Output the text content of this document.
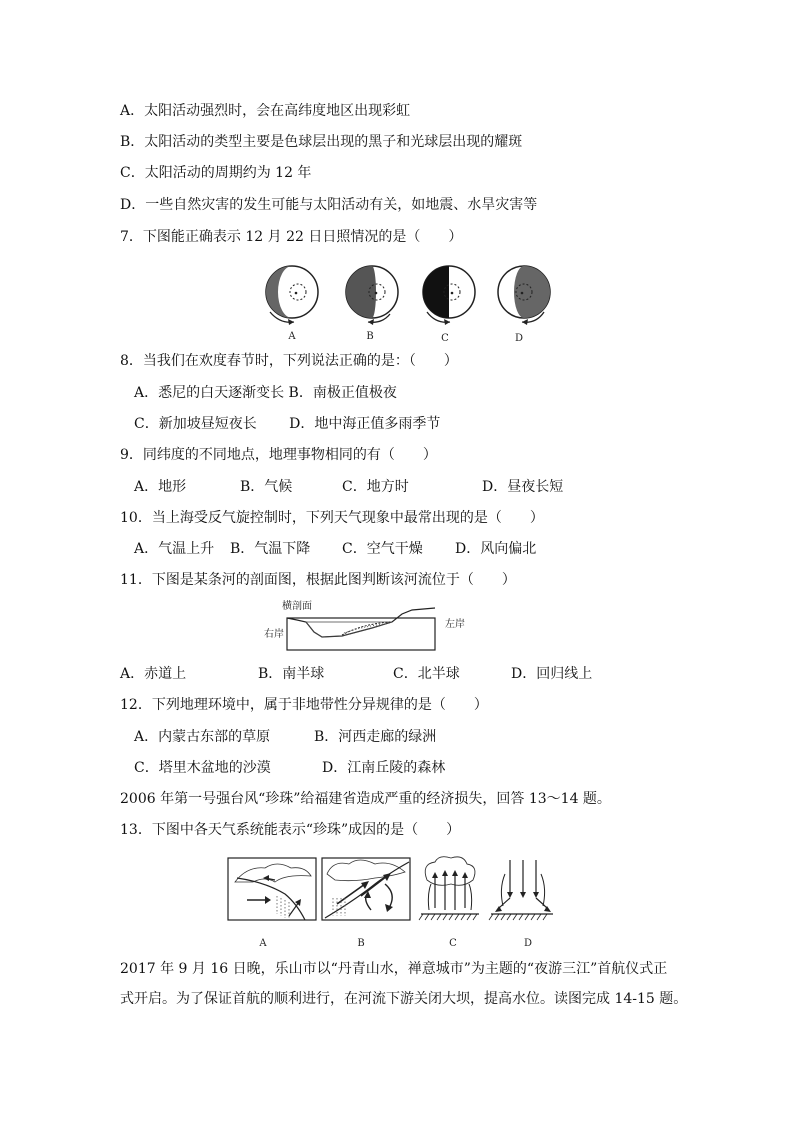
A．太阳活动强烈时，会在高纬度地区出现彩虹
B．太阳活动的类型主要是色球层出现的黑子和光球层出现的耀斑
C．太阳活动的周期约为 12 年
D．一些自然灾害的发生可能与太阳活动有关，如地震、水旱灾害等
7．下图能正确表示 12 月 22 日日照情况的是（　　）
A	B	C	D
8．当我们在欢度春节时，下列说法正确的是：（　　）
A．悉尼的白天逐渐变长 B．南极正值极夜
C．新加坡昼短夜长　　 D．地中海正值多雨季节
9．同纬度的不同地点，地理事物相同的有（　　）
A．地形	B．气候	C．地方时	D．昼夜长短
10．当上海受反气旋控制时，下列天气现象中最常出现的是（　　）
A．气温上升 B．气温下降 C．空气干燥 D．风向偏北
11．下图是某条河的剖面图，根据此图判断该河流位于（　　）
横剖面
右岸
左岸
A．赤道上	B．南半球	C．北半球	D．回归线上
12．下列地理环境中，属于非地带性分异规律的是（　　）
A．内蒙古东部的草原	B．河西走廊的绿洲
C．塔里木盆地的沙漠	D．江南丘陵的森林
2006 年第一号强台风“珍珠”给福建省造成严重的经济损失，回答 13～14 题。
13．下图中各天气系统能表示“珍珠”成因的是（　　）
A	B	C	D
2017 年 9 月 16 日晚，乐山市以“丹青山水，禅意城市”为主题的“夜游三江”首航仪式正
式开启。为了保证首航的顺利进行，在河流下游关闭大坝，提高水位。读图完成 14-15 题。
